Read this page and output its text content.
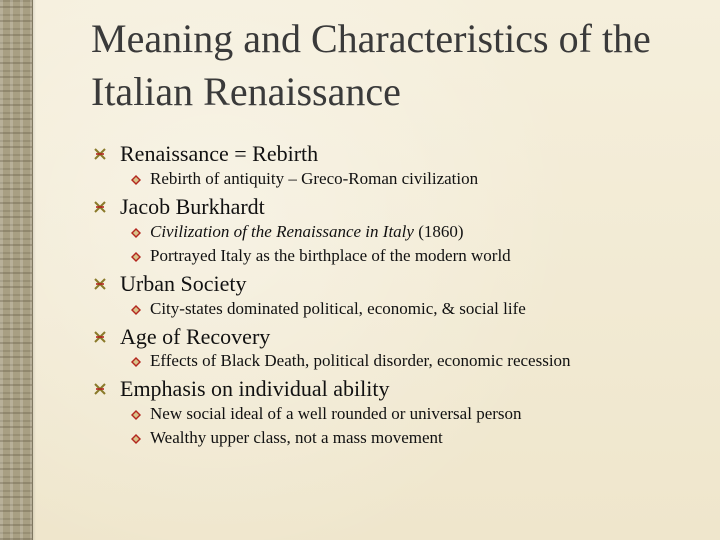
Meaning and Characteristics of the Italian Renaissance
Renaissance = Rebirth
Rebirth of antiquity – Greco-Roman civilization
Jacob Burkhardt
Civilization of the Renaissance in Italy (1860)
Portrayed Italy as the birthplace of the modern world
Urban Society
City-states dominated political, economic, & social life
Age of Recovery
Effects of Black Death, political disorder, economic recession
Emphasis on individual ability
New social ideal of a well rounded or universal person
Wealthy upper class, not a mass movement
